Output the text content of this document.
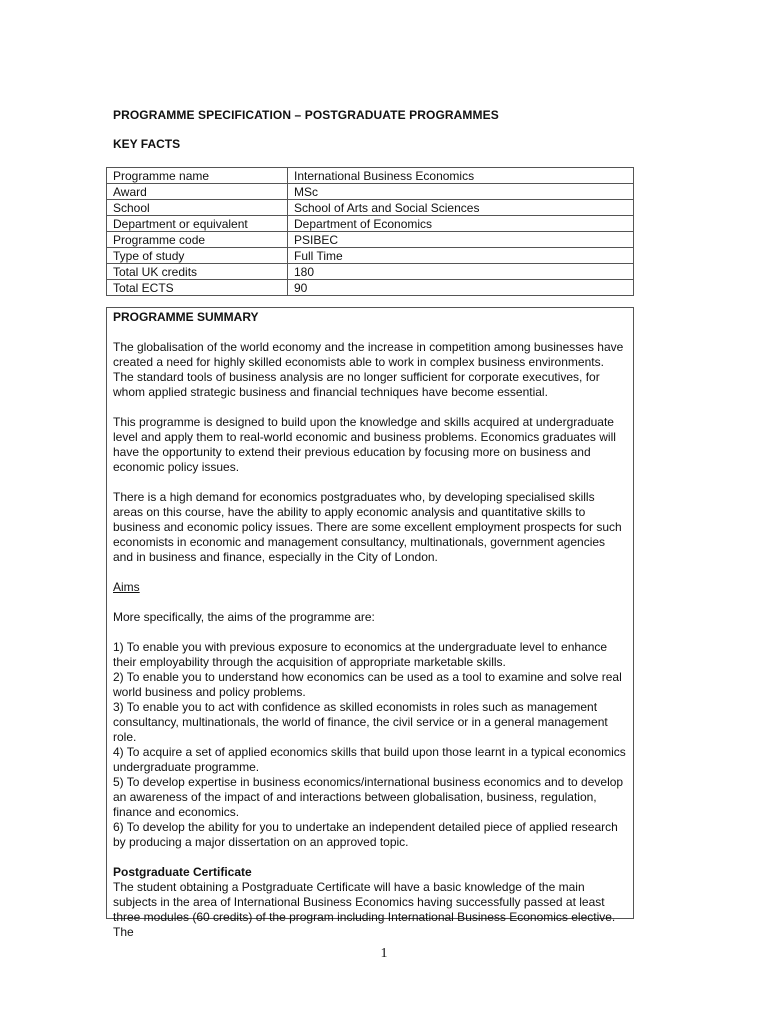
PROGRAMME SPECIFICATION – POSTGRADUATE PROGRAMMES
KEY FACTS
Programme name	International Business Economics
Award	MSc
School	School of Arts and Social Sciences
Department or equivalent	Department of Economics
Programme code	PSIBEC
Type of study	Full Time
Total UK credits	180
Total ECTS	90
PROGRAMME SUMMARY

The globalisation of the world economy and the increase in competition among businesses have created a need for highly skilled economists able to work in complex business environments. The standard tools of business analysis are no longer sufficient for corporate executives, for whom applied strategic business and financial techniques have become essential.

This programme is designed to build upon the knowledge and skills acquired at undergraduate level and apply them to real-world economic and business problems. Economics graduates will have the opportunity to extend their previous education by focusing more on business and economic policy issues.

There is a high demand for economics postgraduates who, by developing specialised skills areas on this course, have the ability to apply economic analysis and quantitative skills to business and economic policy issues. There are some excellent employment prospects for such economists in economic and management consultancy, multinationals, government agencies and in business and finance, especially in the City of London.

Aims

More specifically, the aims of the programme are:

1) To enable you with previous exposure to economics at the undergraduate level to enhance their employability through the acquisition of appropriate marketable skills.
2) To enable you to understand how economics can be used as a tool to examine and solve real world business and policy problems.
3) To enable you to act with confidence as skilled economists in roles such as management consultancy, multinationals, the world of finance, the civil service or in a general management role.
4) To acquire a set of applied economics skills that build upon those learnt in a typical economics undergraduate programme.
5) To develop expertise in business economics/international business economics and to develop an awareness of the impact of and interactions between globalisation, business, regulation, finance and economics.
6) To develop the ability for you to undertake an independent detailed piece of applied research by producing a major dissertation on an approved topic.
Postgraduate Certificate
The student obtaining a Postgraduate Certificate will have a basic knowledge of the main subjects in the area of International Business Economics having successfully passed at least three modules (60 credits) of the program including International Business Economics elective. The
1
